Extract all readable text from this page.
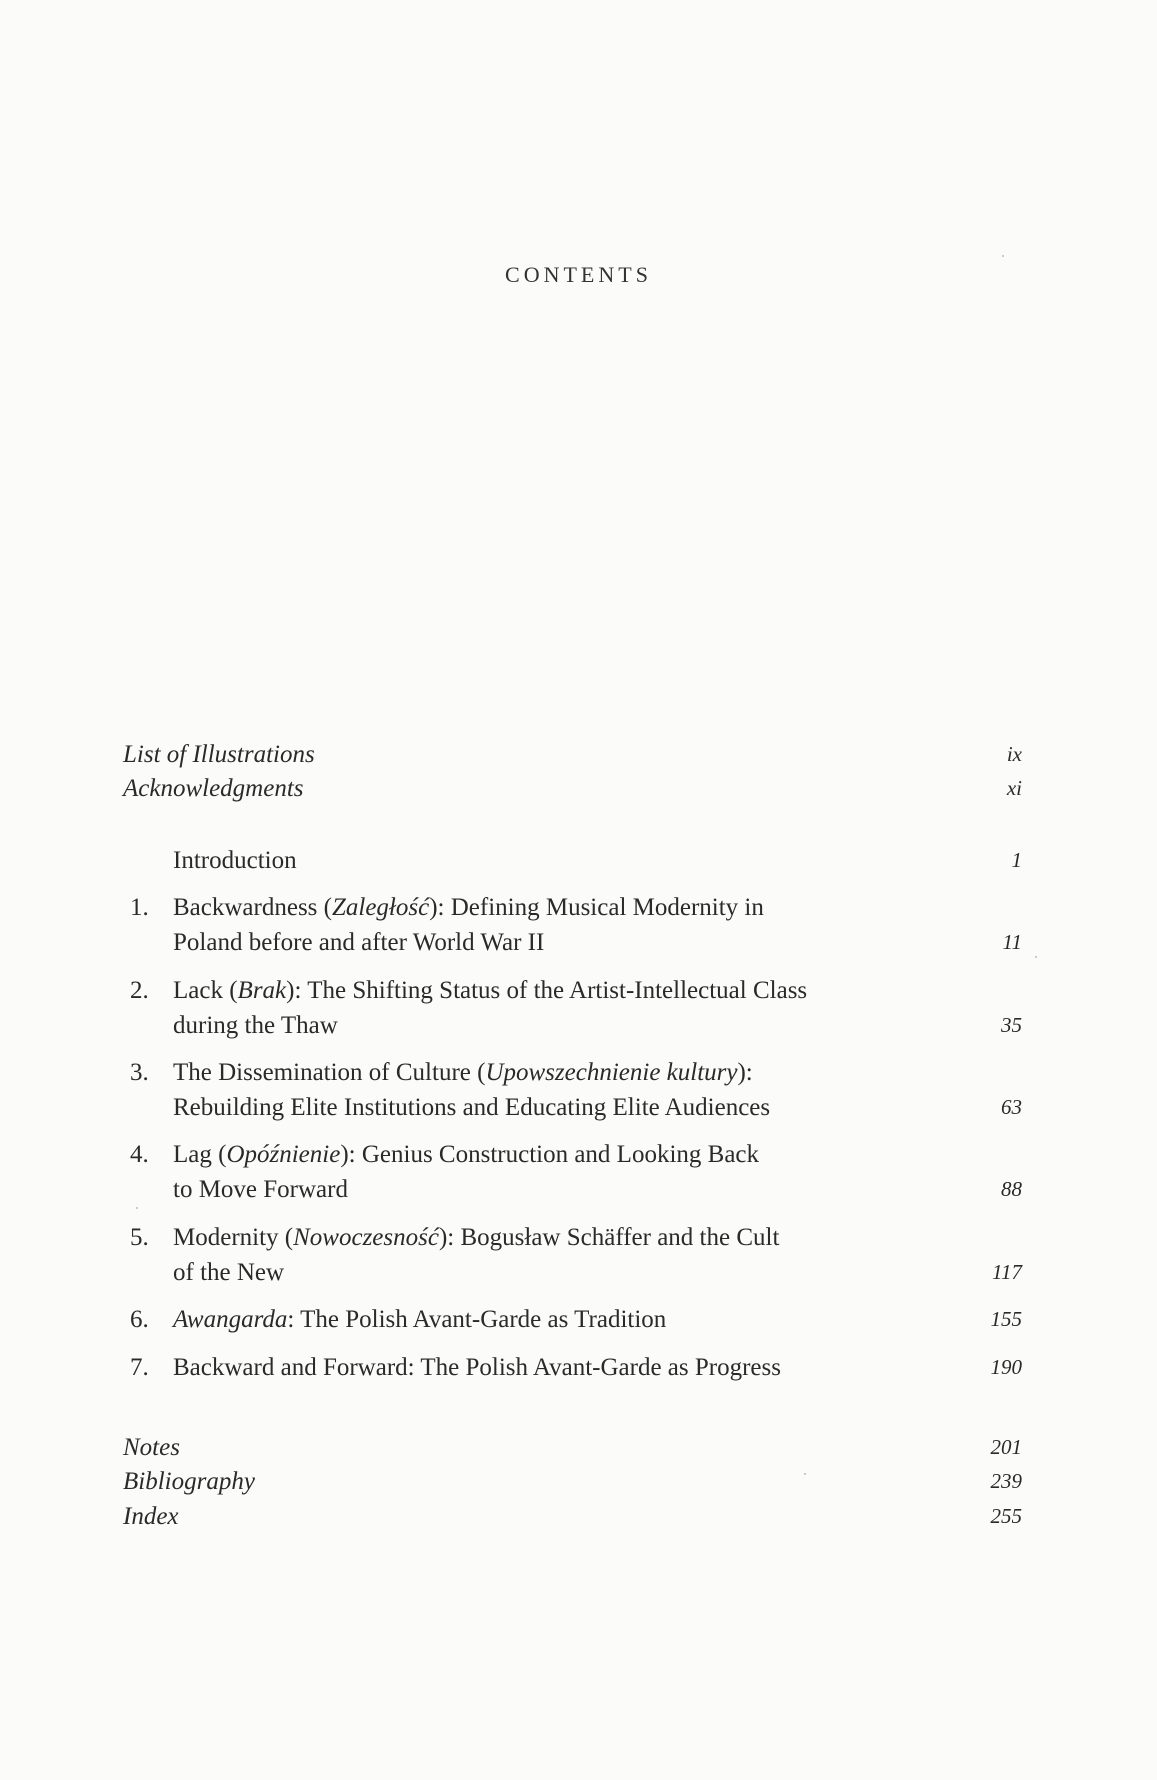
CONTENTS
List of Illustrations	ix
Acknowledgments	xi
Introduction	1
1. Backwardness (Zaległość): Defining Musical Modernity in
Poland before and after World War II	11
2. Lack (Brak): The Shifting Status of the Artist-Intellectual Class
during the Thaw	35
3. The Dissemination of Culture (Upowszechnienie kultury):
Rebuilding Elite Institutions and Educating Elite Audiences	63
4. Lag (Opóźnienie): Genius Construction and Looking Back
to Move Forward	88
5. Modernity (Nowoczesność): Bogusław Schäffer and the Cult
of the New	117
6. Awangarda: The Polish Avant-Garde as Tradition	155
7. Backward and Forward: The Polish Avant-Garde as Progress	190
Notes	201
Bibliography	239
Index	255
